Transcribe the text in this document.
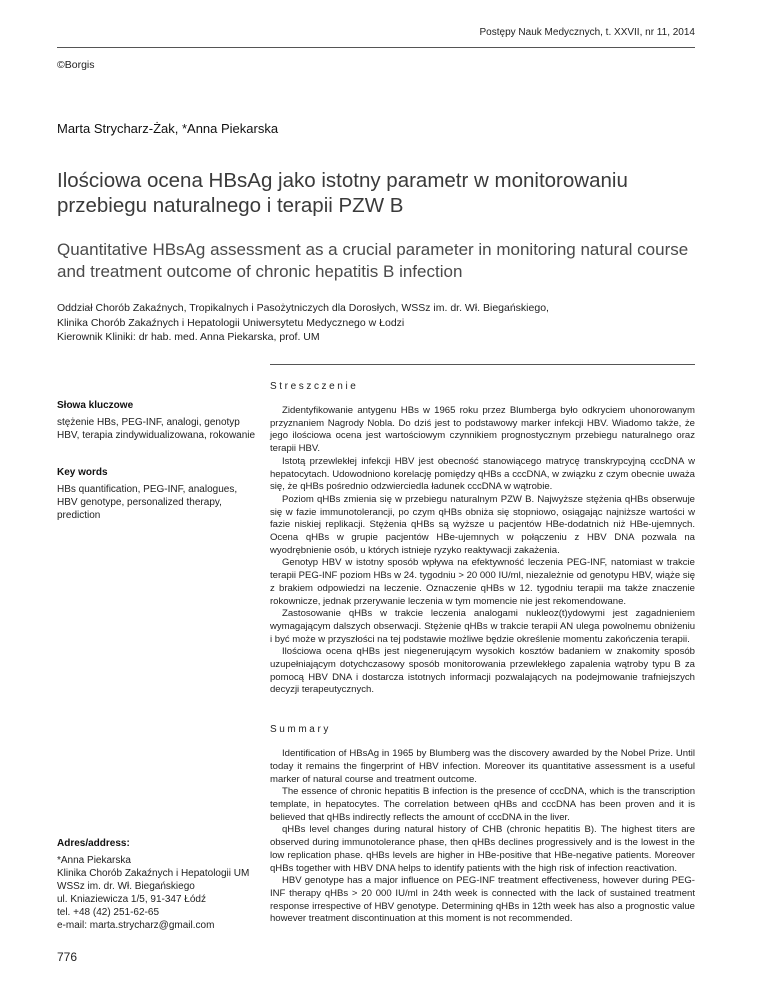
Postępy Nauk Medycznych, t. XXVII, nr 11, 2014
©Borgis
Marta Strycharz-Żak, *Anna Piekarska
Ilościowa ocena HBsAg jako istotny parametr w monitorowaniu przebiegu naturalnego i terapii PZW B
Quantitative HBsAg assessment as a crucial parameter in monitoring natural course and treatment outcome of chronic hepatitis B infection
Oddział Chorób Zakaźnych, Tropikalnych i Pasożytniczych dla Dorosłych, WSSz im. dr. Wł. Biegańskiego,
Klinika Chorób Zakaźnych i Hepatologii Uniwersytetu Medycznego w Łodzi
Kierownik Kliniki: dr hab. med. Anna Piekarska, prof. UM

Słowa kluczowe

stężenie HBs, PEG-INF, analogi, genotyp HBV, terapia zindywidualizowana, rokowanie

Key words

HBs quantification, PEG-INF, analogues, HBV genotype, personalized therapy, prediction

Adres/address:

*Anna Piekarska

Klinika Chorób Zakaźnych i Hepatologii UM

WSSz im. dr. Wł. Biegańskiego

ul. Kniaziewicza 1/5, 91-347 Łódź

tel. +48 (42) 251-62-65

e-mail: marta.strycharz@gmail.com

776

Streszczenie

Zidentyfikowanie antygenu HBs w 1965 roku przez Blumberga było odkryciem uhonorowanym przyznaniem Nagrody Nobla. Do dziś jest to podstawowy marker infekcji HBV. Wiadomo także, że jego ilościowa ocena jest wartościowym czynnikiem prognostycznym przebiegu naturalnego oraz terapii HBV.

Istotą przewlekłej infekcji HBV jest obecność stanowiącego matrycę transkrypcyjną cccDNA w hepatocytach. Udowodniono korelację pomiędzy qHBs a cccDNA, w związku z czym obecnie uważa się, że qHBs pośrednio odzwierciedla ładunek cccDNA w wątrobie.

Poziom qHBs zmienia się w przebiegu naturalnym PZW B. Najwyższe stężenia qHBs obserwuje się w fazie immunotolerancji, po czym qHBs obniża się stopniowo, osiągając najniższe wartości w fazie niskiej replikacji. Stężenia qHBs są wyższe u pacjentów HBe-dodatnich niż HBe-ujemnych. Ocena qHBs w grupie pacjentów HBe-ujemnych w połączeniu z HBV DNA pozwala na wyodrębnienie osób, u których istnieje ryzyko reaktywacji zakażenia.

Genotyp HBV w istotny sposób wpływa na efektywność leczenia PEG-INF, natomiast w trakcie terapii PEG-INF poziom HBs w 24. tygodniu > 20 000 IU/ml, niezależnie od genotypu HBV, wiąże się z brakiem odpowiedzi na leczenie. Oznaczenie qHBs w 12. tygodniu terapii ma także znaczenie rokownicze, jednak przerywanie leczenia w tym momencie nie jest rekomendowane.

Zastosowanie qHBs w trakcie leczenia analogami nukleoz(t)ydowymi jest zagadnieniem wymagającym dalszych obserwacji. Stężenie qHBs w trakcie terapii AN ulega powolnemu obniżeniu i być może w przyszłości na tej podstawie możliwe będzie określenie momentu zakończenia terapii.

Ilościowa ocena qHBs jest niegenerującym wysokich kosztów badaniem w znakomity sposób uzupełniającym dotychczasowy sposób monitorowania przewlekłego zapalenia wątroby typu B za pomocą HBV DNA i dostarcza istotnych informacji pozwalających na podejmowanie trafniejszych decyzji terapeutycznych.

Summary

Identification of HBsAg in 1965 by Blumberg was the discovery awarded by the Nobel Prize. Until today it remains the fingerprint of HBV infection. Moreover its quantitative assessment is a useful marker of natural course and treatment outcome.

The essence of chronic hepatitis B infection is the presence of cccDNA, which is the transcription template, in hepatocytes. The correlation between qHBs and cccDNA has been proven and it is believed that qHBs indirectly reflects the amount of cccDNA in the liver.

qHBs level changes during natural history of CHB (chronic hepatitis B). The highest titers are observed during immunotolerance phase, then qHBs declines progressively and is the lowest in the low replication phase. qHBs levels are higher in HBe-positive that HBe-negative patients. Moreover qHBs together with HBV DNA helps to identify patients with the high risk of infection reactivation.

HBV genotype has a major influence on PEG-INF treatment effectiveness, however during PEG-INF therapy qHBs > 20 000 IU/ml in 24th week is connected with the lack of sustained treatment response irrespective of HBV genotype. Determining qHBs in 12th week has also a prognostic value however treatment discontinuation at this moment is not recommended.
